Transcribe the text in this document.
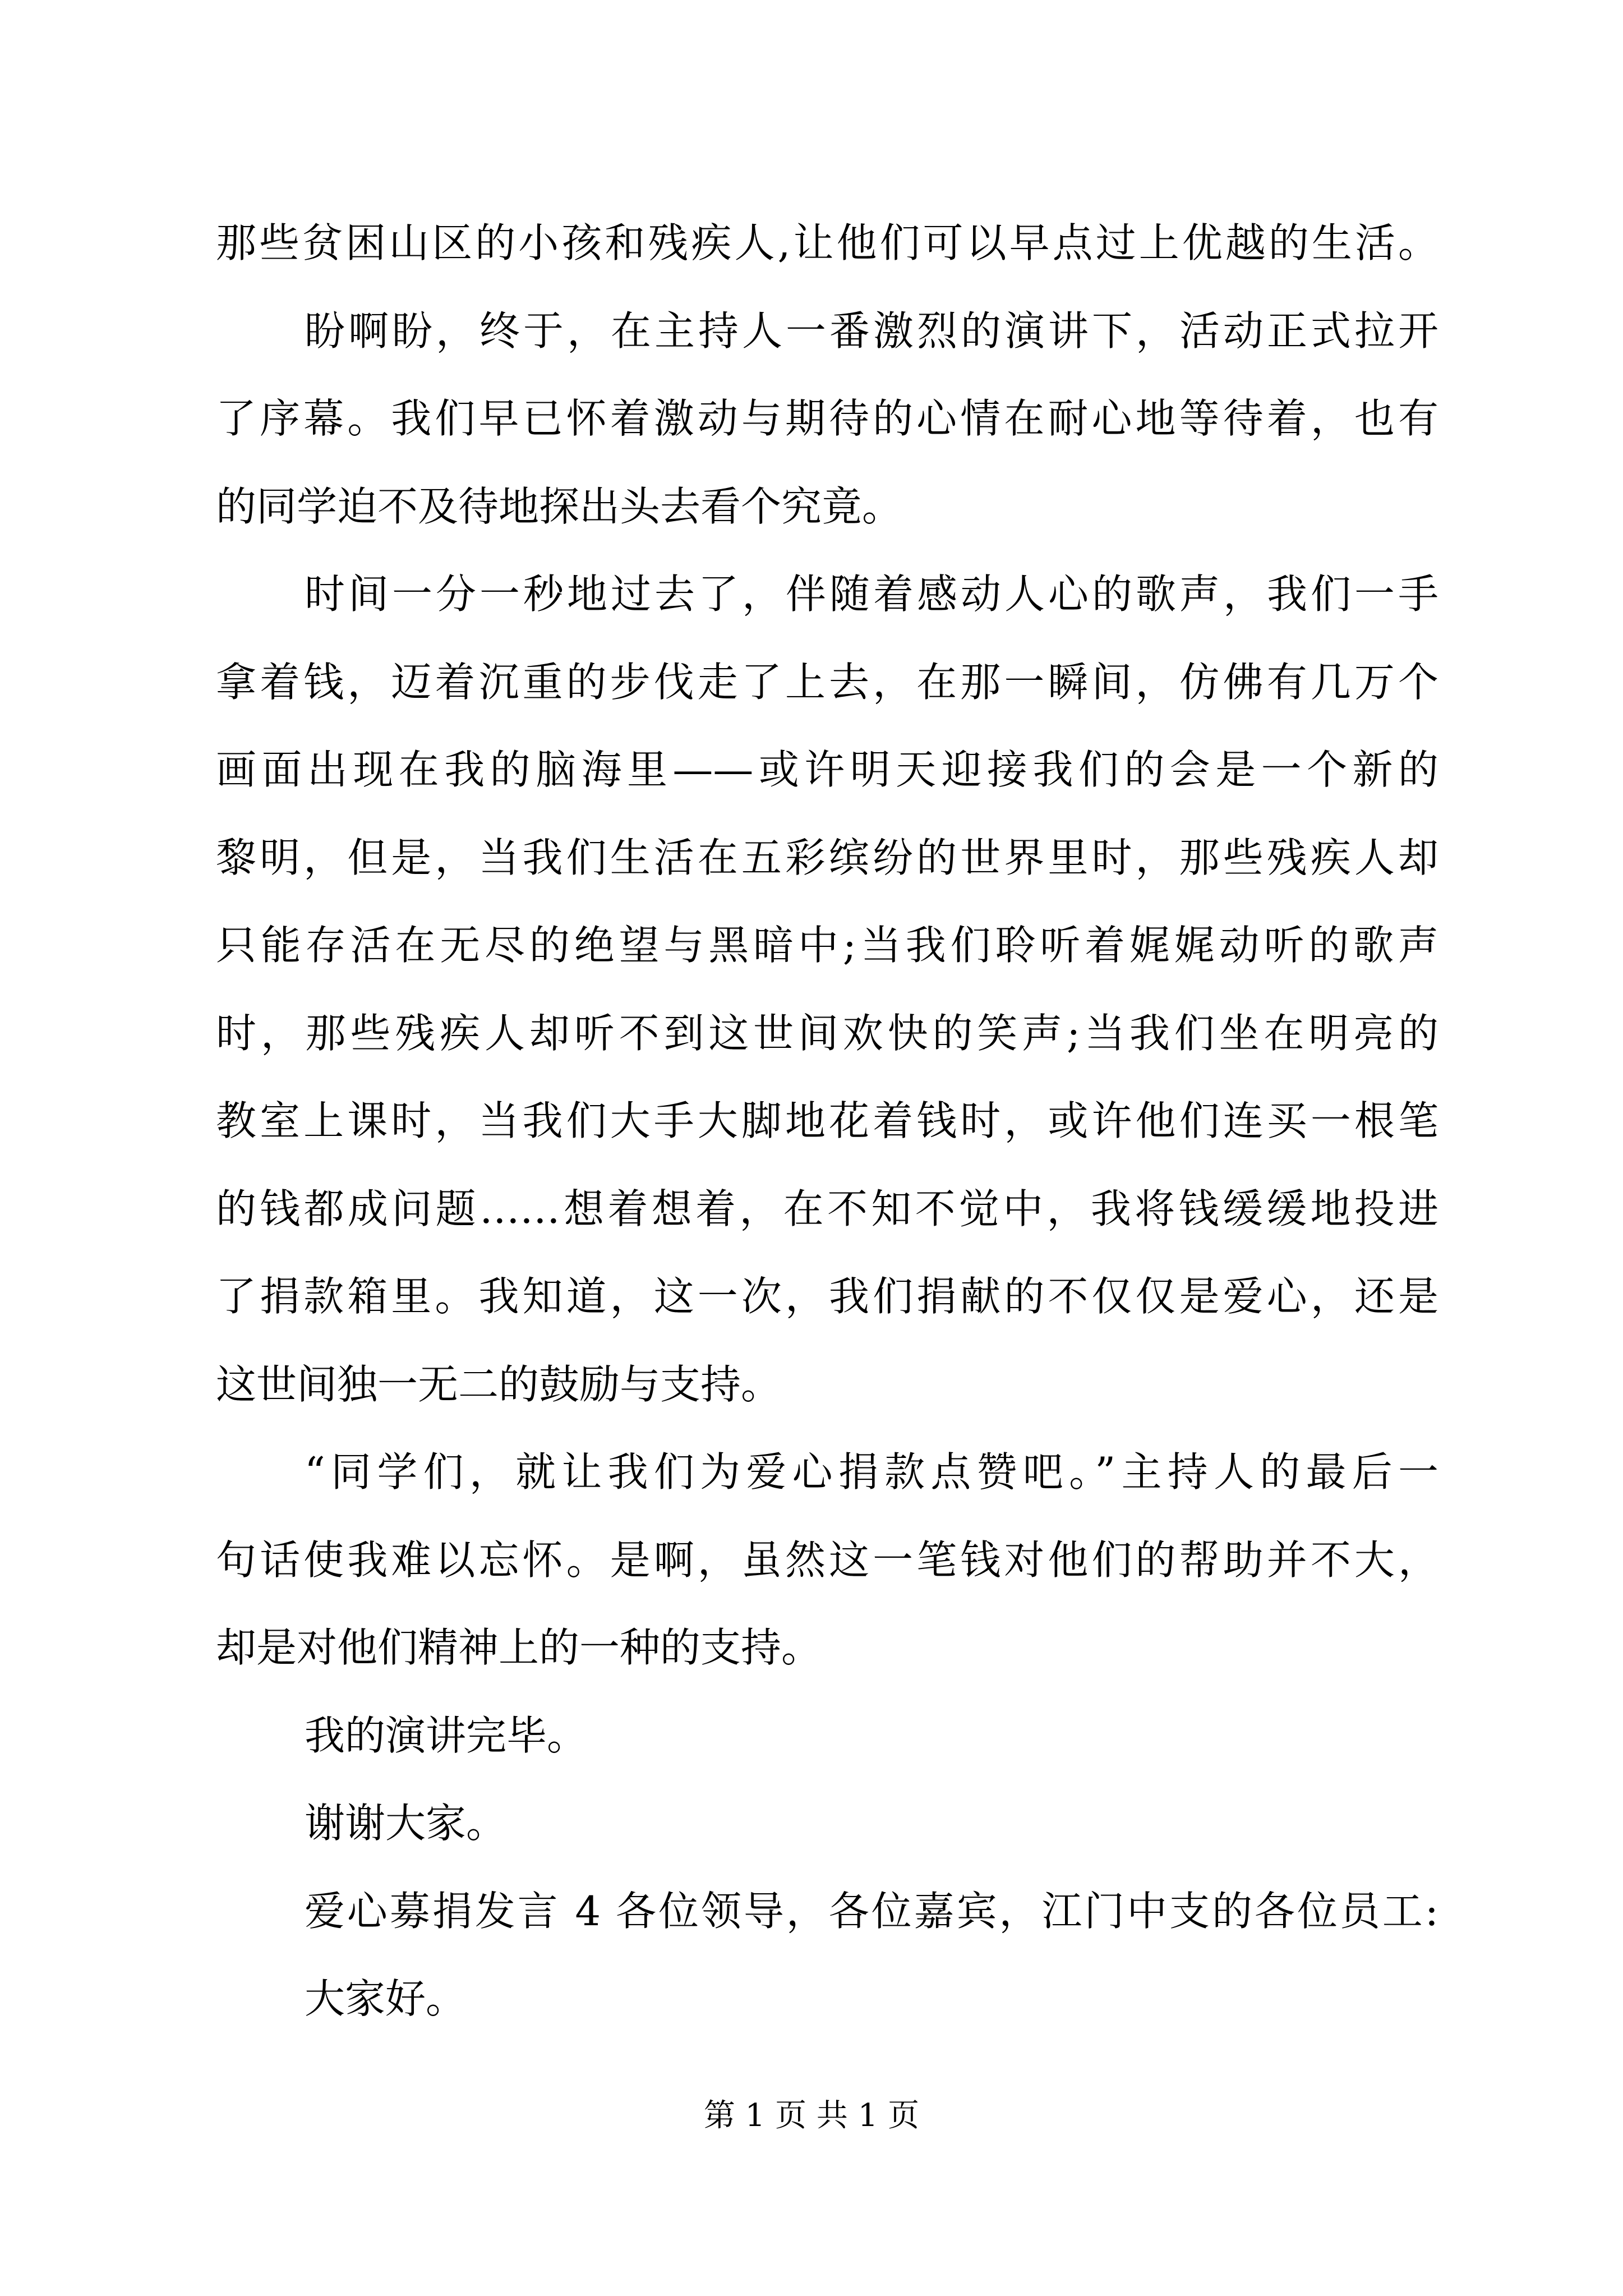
那些贫困山区的小孩和残疾人,让他们可以早点过上优越的生活。
盼啊盼，终于，在主持人一番激烈的演讲下，活动正式拉开
了序幕。我们早已怀着激动与期待的心情在耐心地等待着，也有
的同学迫不及待地探出头去看个究竟。
时间一分一秒地过去了，伴随着感动人心的歌声，我们一手
拿着钱，迈着沉重的步伐走了上去，在那一瞬间，仿佛有几万个
画面出现在我的脑海里——或许明天迎接我们的会是一个新的
黎明，但是，当我们生活在五彩缤纷的世界里时，那些残疾人却
只能存活在无尽的绝望与黑暗中;当我们聆听着娓娓动听的歌声
时，那些残疾人却听不到这世间欢快的笑声;当我们坐在明亮的
教室上课时，当我们大手大脚地花着钱时，或许他们连买一根笔
的钱都成问题……想着想着，在不知不觉中，我将钱缓缓地投进
了捐款箱里。我知道，这一次，我们捐献的不仅仅是爱心，还是
这世间独一无二的鼓励与支持。
“同学们，就让我们为爱心捐款点赞吧。”主持人的最后一
句话使我难以忘怀。是啊，虽然这一笔钱对他们的帮助并不大，
却是对他们精神上的一种的支持。
我的演讲完毕。
谢谢大家。
爱心募捐发言 4 各位领导，各位嘉宾，江门中支的各位员工:
大家好。
第 1 页 共 1 页
